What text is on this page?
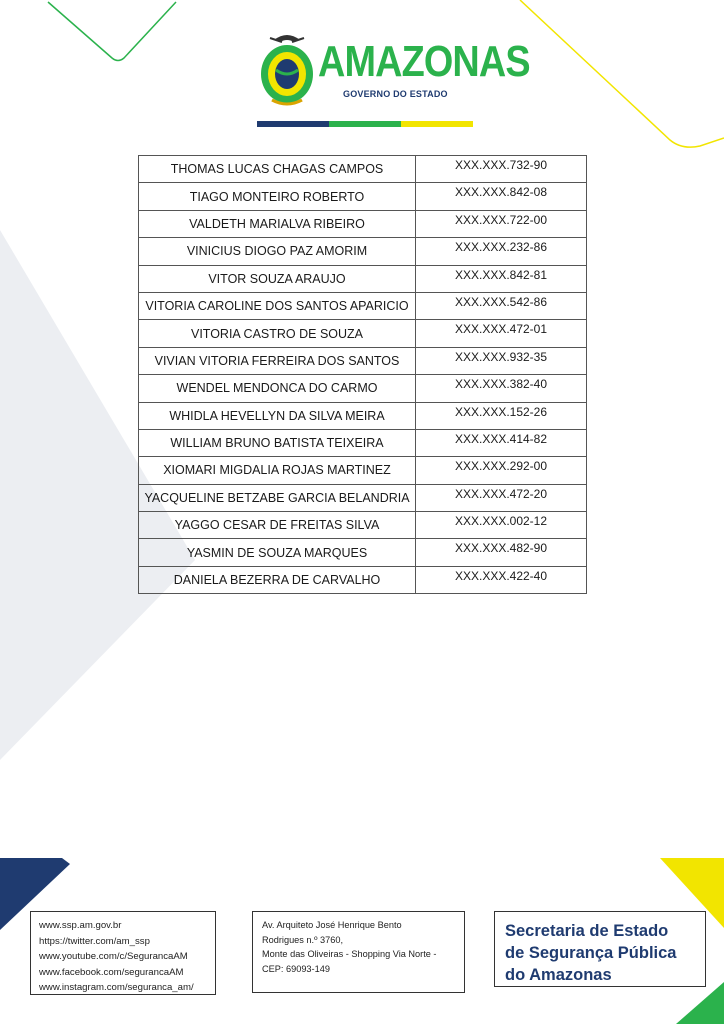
AMAZONAS
GOVERNO DO ESTADO
THOMAS LUCAS CHAGAS CAMPOS	XXX.XXX.732-90
TIAGO MONTEIRO ROBERTO	XXX.XXX.842-08
VALDETH MARIALVA RIBEIRO	XXX.XXX.722-00
VINICIUS DIOGO PAZ AMORIM	XXX.XXX.232-86
VITOR SOUZA ARAUJO	XXX.XXX.842-81
VITORIA CAROLINE DOS SANTOS APARICIO	XXX.XXX.542-86
VITORIA CASTRO DE SOUZA	XXX.XXX.472-01
VIVIAN VITORIA FERREIRA DOS SANTOS	XXX.XXX.932-35
WENDEL MENDONCA DO CARMO	XXX.XXX.382-40
WHIDLA HEVELLYN DA SILVA MEIRA	XXX.XXX.152-26
WILLIAM BRUNO BATISTA TEIXEIRA	XXX.XXX.414-82
XIOMARI MIGDALIA ROJAS MARTINEZ	XXX.XXX.292-00
YACQUELINE BETZABE GARCIA BELANDRIA	XXX.XXX.472-20
YAGGO CESAR DE FREITAS SILVA	XXX.XXX.002-12
YASMIN DE SOUZA MARQUES	XXX.XXX.482-90
DANIELA BEZERRA DE CARVALHO	XXX.XXX.422-40
www.ssp.am.gov.br
https://twitter.com/am_ssp
www.youtube.com/c/SegurancaAM
www.facebook.com/segurancaAM
www.instagram.com/seguranca_am/
Av. Arquiteto José Henrique Bento
Rodrigues n.º 3760,
Monte das Oliveiras - Shopping Via Norte -
CEP: 69093-149
Secretaria de Estado
de Segurança Pública
do Amazonas
